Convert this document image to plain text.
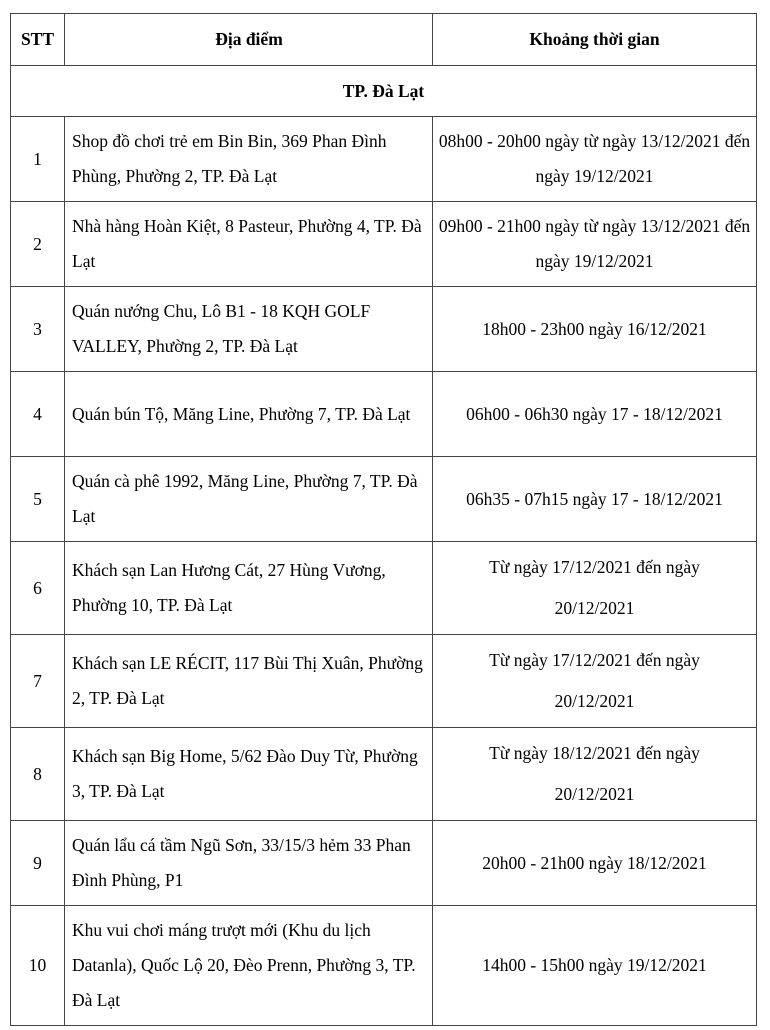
STT	Địa điểm	Khoảng thời gian
TP. Đà Lạt		
1	Shop đồ chơi trẻ em Bin Bin, 369 Phan Đình Phùng, Phường 2, TP. Đà Lạt	08h00 - 20h00 ngày từ ngày 13/12/2021 đến ngày 19/12/2021
2	Nhà hàng Hoàn Kiệt, 8 Pasteur, Phường 4, TP. Đà Lạt	09h00 - 21h00 ngày từ ngày 13/12/2021 đến ngày 19/12/2021
3	Quán nướng Chu, Lô B1 - 18 KQH GOLF VALLEY, Phường 2, TP. Đà Lạt	18h00 - 23h00 ngày 16/12/2021
4	Quán bún Tộ, Măng Line, Phường 7, TP. Đà Lạt	06h00 - 06h30 ngày 17 - 18/12/2021
5	Quán cà phê 1992, Măng Line, Phường 7, TP. Đà Lạt	06h35 - 07h15 ngày 17 - 18/12/2021
6	Khách sạn Lan Hương Cát, 27 Hùng Vương, Phường 10, TP. Đà Lạt	Từ ngày 17/12/2021 đến ngày 20/12/2021
7	Khách sạn LE RÉCIT, 117 Bùi Thị Xuân, Phường 2, TP. Đà Lạt	Từ ngày 17/12/2021 đến ngày 20/12/2021
8	Khách sạn Big Home, 5/62 Đào Duy Từ, Phường 3, TP. Đà Lạt	Từ ngày 18/12/2021 đến ngày 20/12/2021
9	Quán lẩu cá tầm Ngũ Sơn, 33/15/3 hẻm 33 Phan Đình Phùng, P1	20h00 - 21h00 ngày 18/12/2021
10	Khu vui chơi máng trượt mới (Khu du lịch Datanla), Quốc Lộ 20, Đèo Prenn, Phường 3, TP. Đà Lạt	14h00 - 15h00 ngày 19/12/2021
